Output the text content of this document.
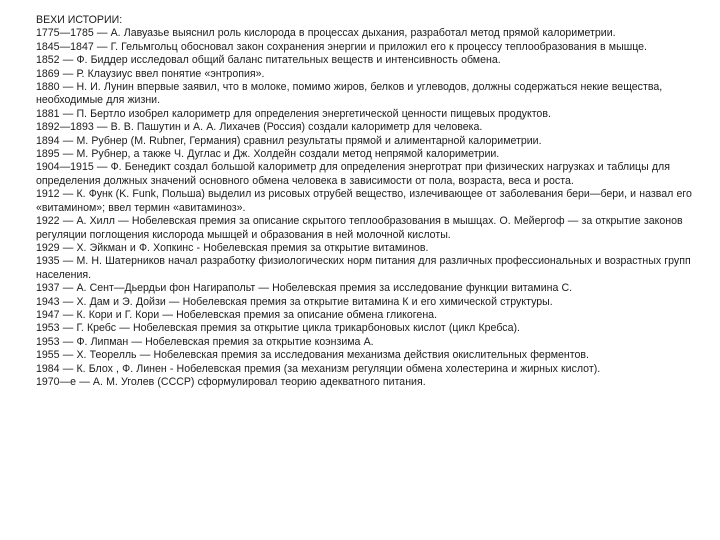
ВЕХИ ИСТОРИИ:

1775—1785 — А. Лавуазье выяснил роль кислорода в процессах дыхания, разработал метод прямой калориметрии.
1845—1847 — Г. Гельмгольц обосновал закон сохранения энергии и приложил его к процессу теплообразования в мышце.
1852 — Ф. Биддер исследовал общий баланс питательных веществ и интенсивность обмена.
1869 — Р. Клаузиус ввел понятие «энтропия».
1880 — Н. И. Лунин впервые заявил, что в молоке, помимо жиров, белков и углеводов, должны содержаться некие вещества, необходимые для жизни.
1881 — П. Бертло изобрел калориметр для определения энергетической ценности пищевых продуктов.
1892—1893 — В. В. Пашутин и А. А. Лихачев (Россия) создали калориметр для человека.
1894 — М. Рубнер (M. Rubner, Германия) сравнил результаты прямой и алиментарной калориметрии.
1895 — М. Рубнер, а также Ч. Дуглас и Дж. Холдейн создали метод непрямой калориметрии.
1904—1915 — Ф. Бенедикт создал большой калориметр для определения энерготрат при физических нагрузках и таблицы для определения должных значений основного обмена человека в зависимости от пола, возраста, веса и роста.
1912 — К. Функ (K. Funk, Польша) выделил из рисовых отрубей вещество, излечивающее от заболевания бери—бери, и назвал его «витамином»; ввел термин «авитаминоз».
1922 — А. Хилл — Нобелевская премия за описание скрытого теплообразования в мышцах. О. Мейергоф — за открытие законов регуляции поглощения кислорода мышцей и образования в ней молочной кислоты.
1929 — Х. Эйкман и Ф. Хопкинс - Нобелевская премия за открытие витаминов.
1935 — М. Н. Шатерников начал разработку физиологических норм питания для различных профессиональных и возрастных групп населения.
1937 — А. Сент—Дьердьи фон Нагирапольт — Нобелевская премия за исследование функции витамина С.
1943 — Х. Дам и Э. Дойзи — Нобелевская премия за открытие витамина К и его химической структуры.
1947 — К. Кори и Г. Кори — Нобелевская премия за описание обмена гликогена.
1953 — Г. Кребс — Нобелевская премия за открытие цикла трикарбоновых кислот (цикл Кребса).
1953 — Ф. Липман — Нобелевская премия за открытие коэнзима А.
1955 — Х. Теорелль — Нобелевская премия за исследования механизма действия окислительных ферментов.
1984 — К. Блох , Ф. Линен - Нобелевская премия (за механизм регуляции обмена холестерина и жирных кислот).
1970—е — А. М. Уголев (СССР) сформулировал теорию адекватного питания.
